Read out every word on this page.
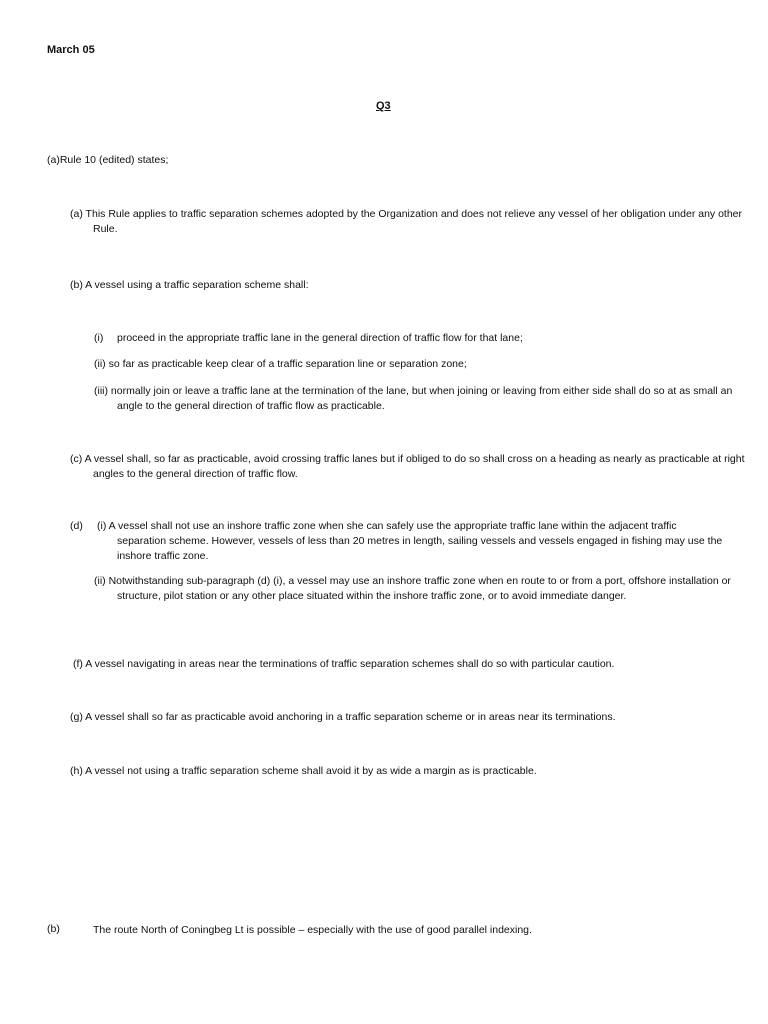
March 05
Q3
(a)Rule 10 (edited) states;
(a) This Rule applies to traffic separation schemes adopted by the Organization and does not relieve any vessel of her obligation under any other Rule.
(b) A vessel using a traffic separation scheme shall:
(i) proceed in the appropriate traffic lane in the general direction of traffic flow for that lane;
(ii) so far as practicable keep clear of a traffic separation line or separation zone;
(iii) normally join or leave a traffic lane at the termination of the lane, but when joining or leaving from either side shall do so at as small an angle to the general direction of traffic flow as practicable.
(c) A vessel shall, so far as practicable, avoid crossing traffic lanes but if obliged to do so shall cross on a heading as nearly as practicable at right angles to the general direction of traffic flow.
(d) (i) A vessel shall not use an inshore traffic zone when she can safely use the appropriate traffic lane within the adjacent traffic separation scheme. However, vessels of less than 20 metres in length, sailing vessels and vessels engaged in fishing may use the inshore traffic zone.
(ii) Notwithstanding sub-paragraph (d) (i), a vessel may use an inshore traffic zone when en route to or from a port, offshore installation or structure, pilot station or any other place situated within the inshore traffic zone, or to avoid immediate danger.
(f) A vessel navigating in areas near the terminations of traffic separation schemes shall do so with particular caution.
(g) A vessel shall so far as practicable avoid anchoring in a traffic separation scheme or in areas near its terminations.
(h) A vessel not using a traffic separation scheme shall avoid it by as wide a margin as is practicable.
(b)	The route North of Coningbeg Lt is possible – especially with the use of good parallel indexing.
